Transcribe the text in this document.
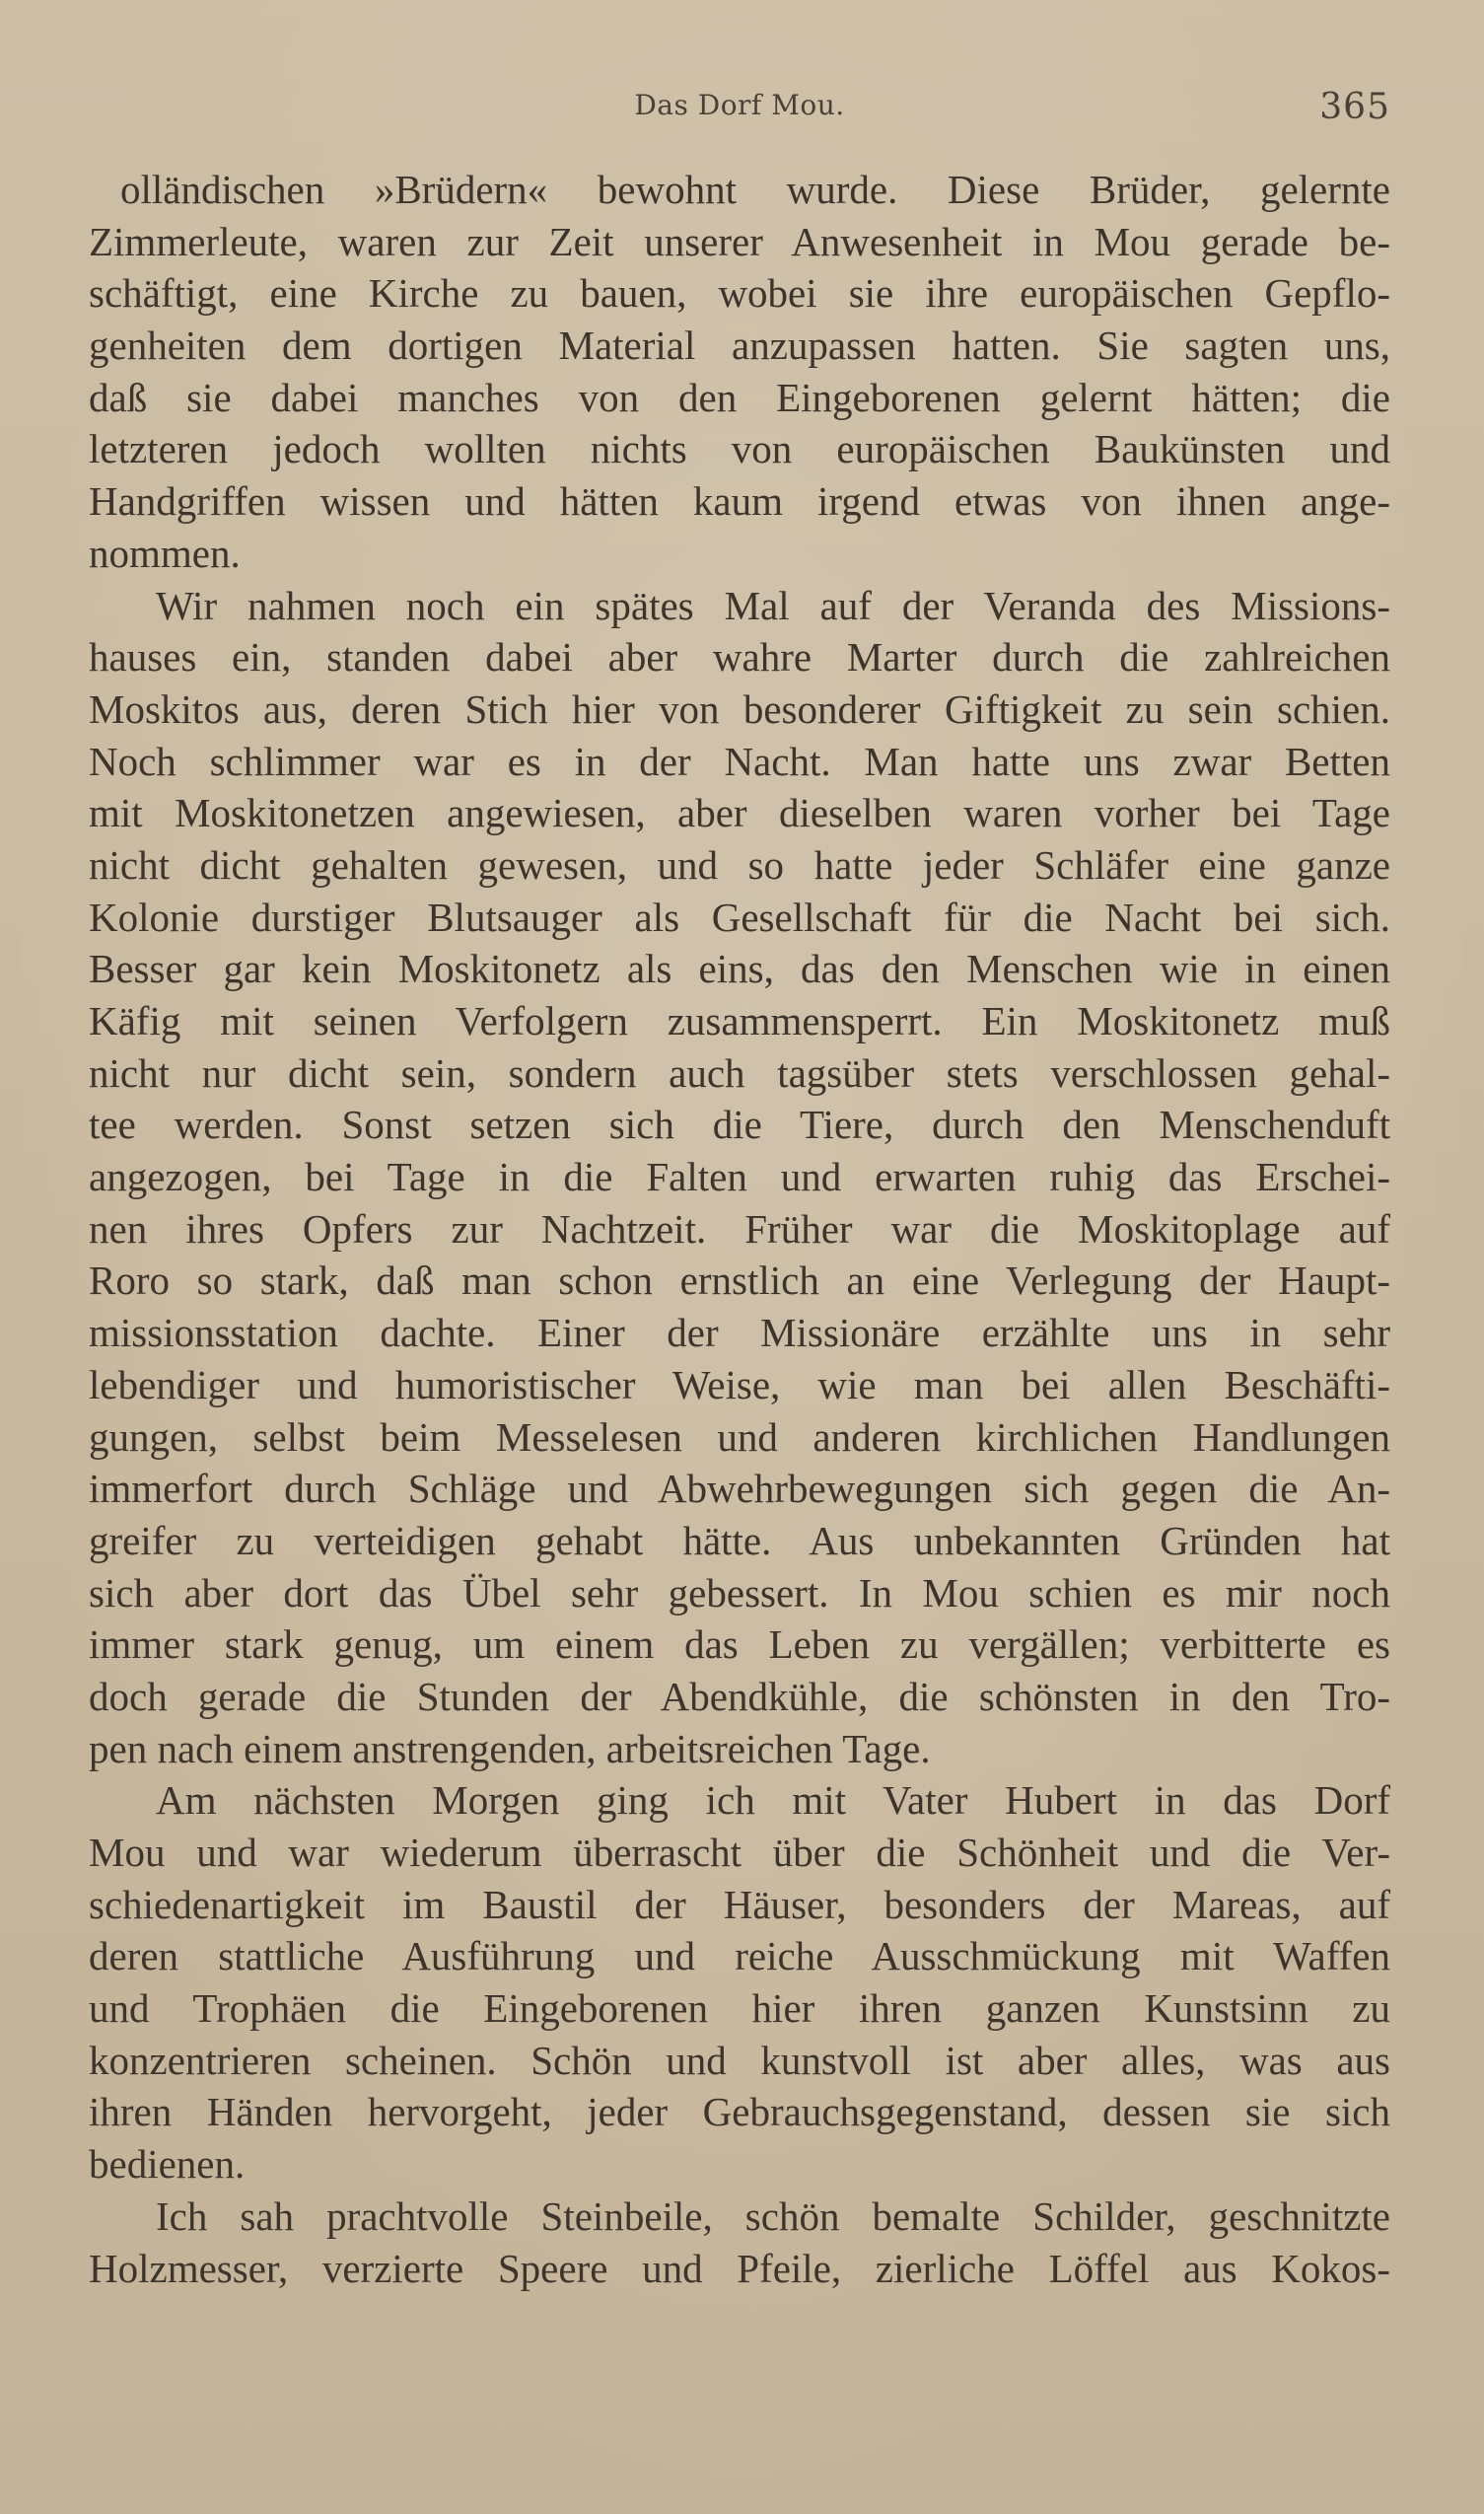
Das Dorf Mou.	365
olländischen »Brüdern« bewohnt wurde. Diese Brüder, gelernte
Zimmerleute, waren zur Zeit unserer Anwesenheit in Mou gerade be-
schäftigt, eine Kirche zu bauen, wobei sie ihre europäischen Gepflo-
genheiten dem dortigen Material anzupassen hatten. Sie sagten uns,
daß sie dabei manches von den Eingeborenen gelernt hätten; die
letzteren jedoch wollten nichts von europäischen Baukünsten und
Handgriffen wissen und hätten kaum irgend etwas von ihnen ange-
nommen.
Wir nahmen noch ein spätes Mal auf der Veranda des Missions-
hauses ein, standen dabei aber wahre Marter durch die zahlreichen
Moskitos aus, deren Stich hier von besonderer Giftigkeit zu sein schien.
Noch schlimmer war es in der Nacht. Man hatte uns zwar Betten
mit Moskitonetzen angewiesen, aber dieselben waren vorher bei Tage
nicht dicht gehalten gewesen, und so hatte jeder Schläfer eine ganze
Kolonie durstiger Blutsauger als Gesellschaft für die Nacht bei sich.
Besser gar kein Moskitonetz als eins, das den Menschen wie in einen
Käfig mit seinen Verfolgern zusammensperrt. Ein Moskitonetz muß
nicht nur dicht sein, sondern auch tagsüber stets verschlossen gehal-
tee werden. Sonst setzen sich die Tiere, durch den Menschenduft
angezogen, bei Tage in die Falten und erwarten ruhig das Erschei-
nen ihres Opfers zur Nachtzeit. Früher war die Moskitoplage auf
Roro so stark, daß man schon ernstlich an eine Verlegung der Haupt-
missionsstation dachte. Einer der Missionäre erzählte uns in sehr
lebendiger und humoristischer Weise, wie man bei allen Beschäfti-
gungen, selbst beim Messelesen und anderen kirchlichen Handlungen
immerfort durch Schläge und Abwehrbewegungen sich gegen die An-
greifer zu verteidigen gehabt hätte. Aus unbekannten Gründen hat
sich aber dort das Übel sehr gebessert. In Mou schien es mir noch
immer stark genug, um einem das Leben zu vergällen; verbitterte es
doch gerade die Stunden der Abendkühle, die schönsten in den Tro-
pen nach einem anstrengenden, arbeitsreichen Tage.
Am nächsten Morgen ging ich mit Vater Hubert in das Dorf
Mou und war wiederum überrascht über die Schönheit und die Ver-
schiedenartigkeit im Baustil der Häuser, besonders der Mareas, auf
deren stattliche Ausführung und reiche Ausschmückung mit Waffen
und Trophäen die Eingeborenen hier ihren ganzen Kunstsinn zu
konzentrieren scheinen. Schön und kunstvoll ist aber alles, was aus
ihren Händen hervorgeht, jeder Gebrauchsgegenstand, dessen sie sich
bedienen.
Ich sah prachtvolle Steinbeile, schön bemalte Schilder, geschnitzte
Holzmesser, verzierte Speere und Pfeile, zierliche Löffel aus Kokos-
